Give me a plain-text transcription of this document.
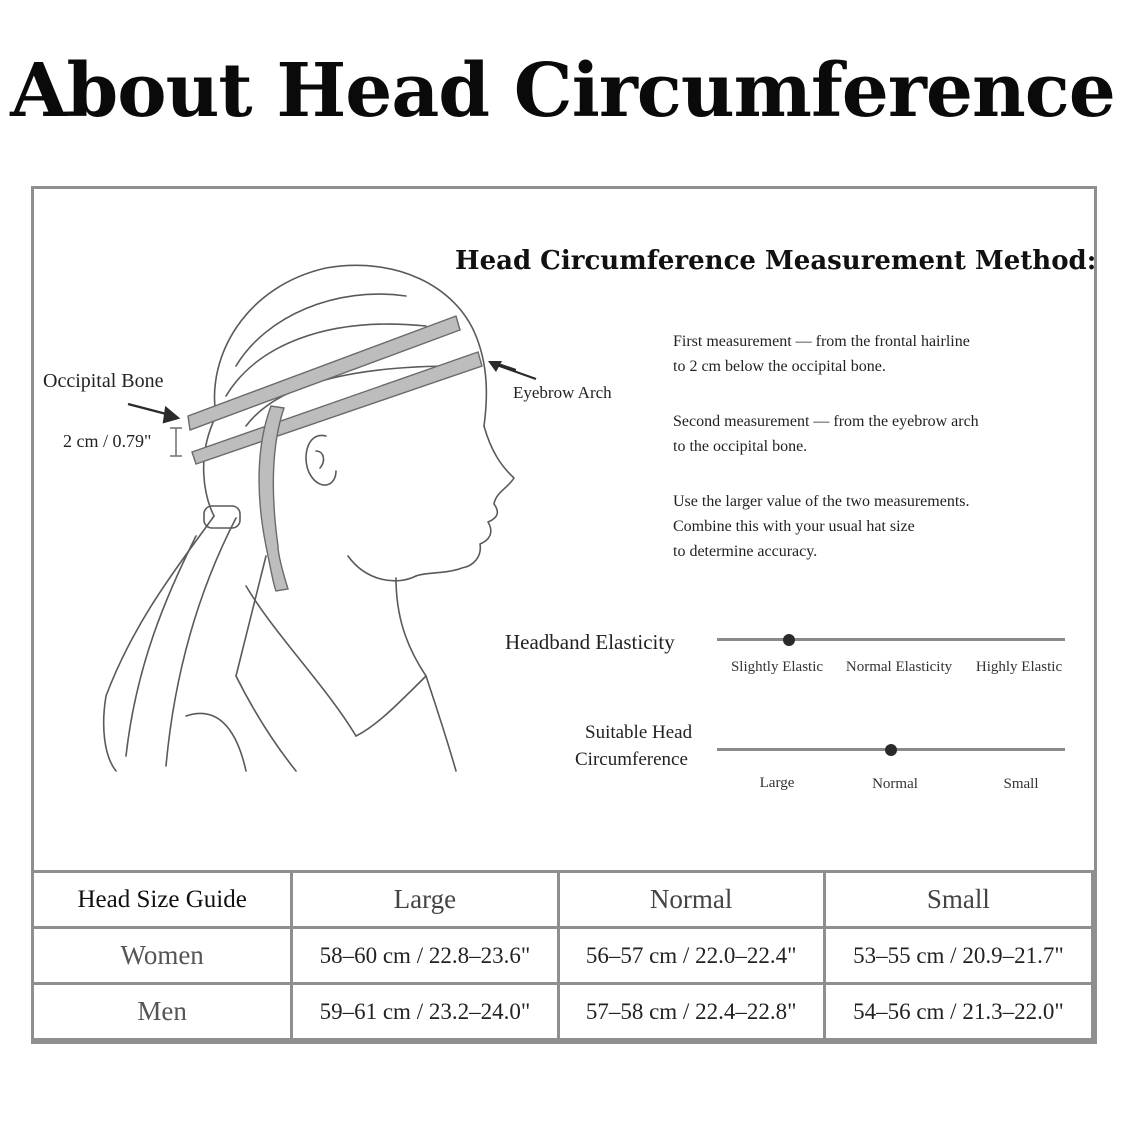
About Head Circumference
Occipital Bone
2 cm / 0.79"
Eyebrow Arch
Head Circumference Measurement Method:
First measurement — from the frontal hairline
to 2 cm below the occipital bone.
Second measurement — from the eyebrow arch
to the occipital bone.
Use the larger value of the two measurements.
Combine this with your usual hat size
to determine accuracy.
Headband Elasticity
Slightly Elastic Normal Elasticity Highly Elastic
Suitable Head
Circumference
Large	Normal	Small
Head Size Guide	Large	Normal	Small
Women	58–60 cm / 22.8–23.6"	56–57 cm / 22.0–22.4"	53–55 cm / 20.9–21.7"
Men	59–61 cm / 23.2–24.0"	57–58 cm / 22.4–22.8"	54–56 cm / 21.3–22.0"
